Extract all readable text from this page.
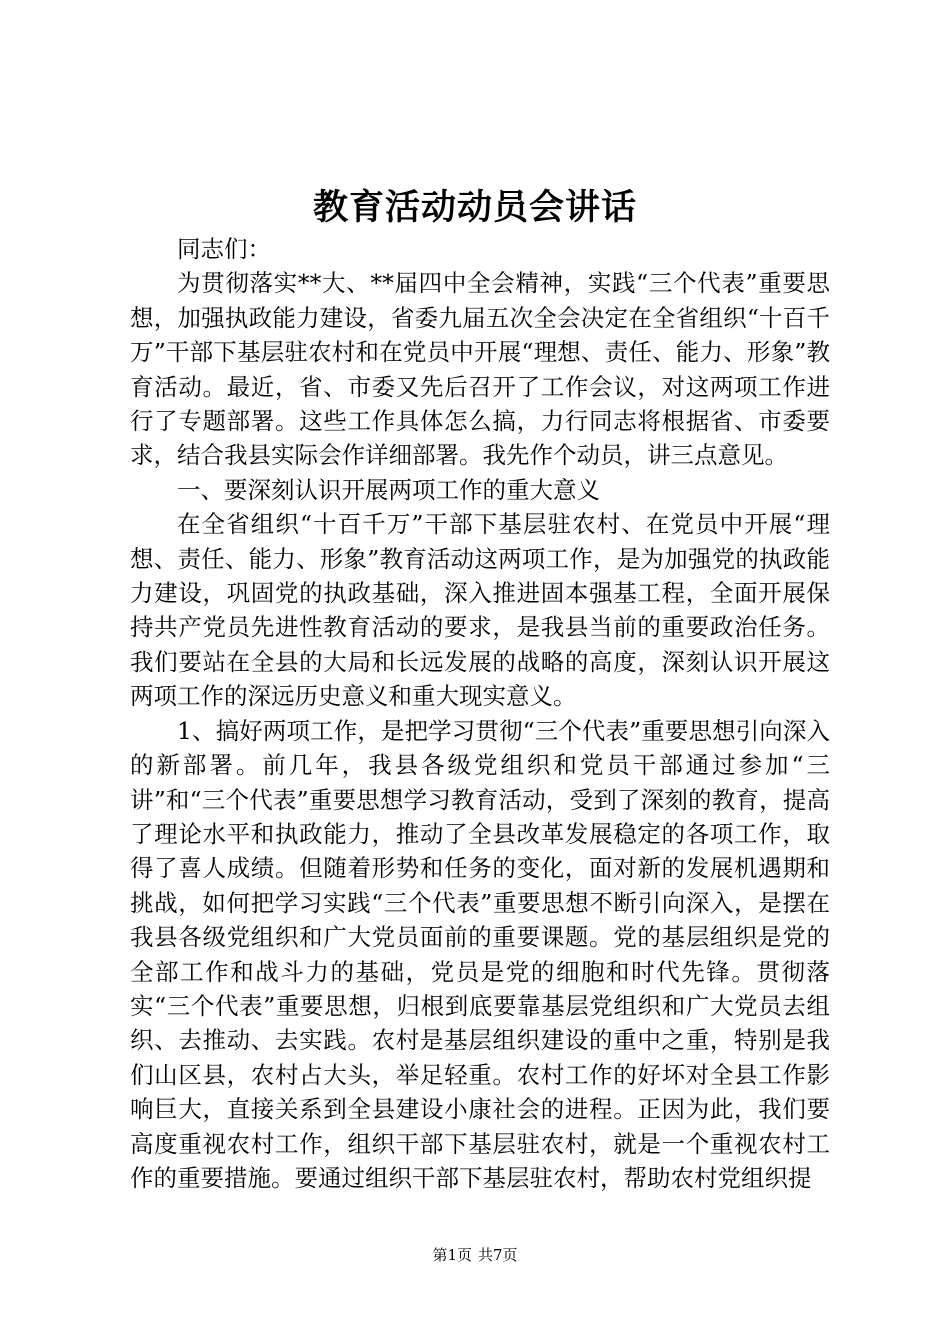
教育活动动员会讲话

同志们：

为贯彻落实**大、**届四中全会精神，实践“三个代表”重要思想，加强执政能力建设，省委九届五次全会决定在全省组织“十百千万”干部下基层驻农村和在党员中开展“理想、责任、能力、形象”教育活动。最近，省、市委又先后召开了工作会议，对这两项工作进行了专题部署。这些工作具体怎么搞，力行同志将根据省、市委要求，结合我县实际会作详细部署。我先作个动员，讲三点意见。

一、要深刻认识开展两项工作的重大意义

在全省组织“十百千万”干部下基层驻农村、在党员中开展“理想、责任、能力、形象”教育活动这两项工作，是为加强党的执政能力建设，巩固党的执政基础，深入推进固本强基工程，全面开展保持共产党员先进性教育活动的要求，是我县当前的重要政治任务。我们要站在全县的大局和长远发展的战略的高度，深刻认识开展这两项工作的深远历史意义和重大现实意义。

1、搞好两项工作，是把学习贯彻“三个代表”重要思想引向深入的新部署。前几年，我县各级党组织和党员干部通过参加“三讲”和“三个代表”重要思想学习教育活动，受到了深刻的教育，提高了理论水平和执政能力，推动了全县改革发展稳定的各项工作，取得了喜人成绩。但随着形势和任务的变化，面对新的发展机遇期和挑战，如何把学习实践“三个代表”重要思想不断引向深入，是摆在我县各级党组织和广大党员面前的重要课题。党的基层组织是党的全部工作和战斗力的基础，党员是党的细胞和时代先锋。贯彻落实“三个代表”重要思想，归根到底要靠基层党组织和广大党员去组织、去推动、去实践。农村是基层组织建设的重中之重，特别是我们山区县，农村占大头，举足轻重。农村工作的好坏对全县工作影响巨大，直接关系到全县建设小康社会的进程。正因为此，我们要高度重视农村工作，组织干部下基层驻农村，就是一个重视农村工作的重要措施。要通过组织干部下基层驻农村，帮助农村党组织提

第1页 共7页
